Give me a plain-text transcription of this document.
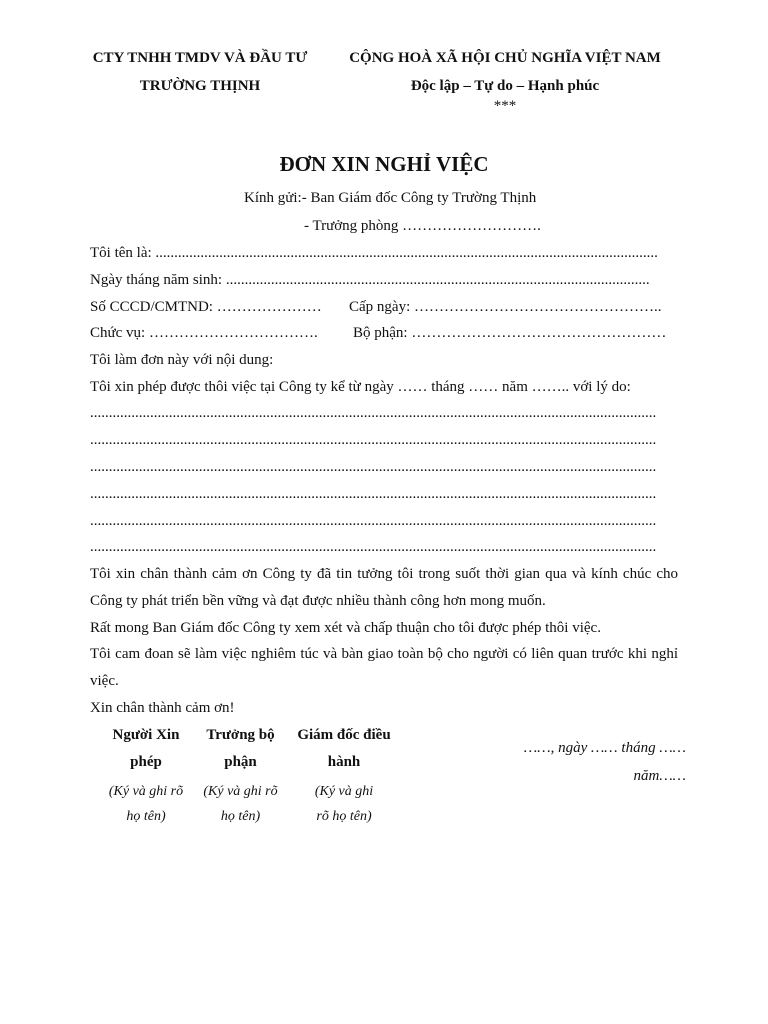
CTY TNHH TMDV VÀ ĐẦU TƯ
TRƯỜNG THỊNH
CỘNG HOÀ XÃ HỘI CHỦ NGHĨA VIỆT NAM
Độc lập – Tự do – Hạnh phúc
***
ĐƠN XIN NGHỈ VIỆC
Kính gửi:- Ban Giám đốc Công ty Trường Thịnh
- Trưởng phòng ……………………….
Tôi tên là: ......................................................................................................................................
Ngày tháng năm sinh: .................................................................................................................
Số CCCD/CMTND: ………………… Cấp ngày: …………………………………………..
Chức vụ: ……………………………. Bộ phận: ……………………………………………
Tôi làm đơn này với nội dung:
Tôi xin phép được thôi việc tại Công ty kể từ ngày …… tháng …… năm …….. với lý do:
.......................................................................................................................................................
.......................................................................................................................................................
.......................................................................................................................................................
.......................................................................................................................................................
.......................................................................................................................................................
.......................................................................................................................................................
Tôi xin chân thành cảm ơn Công ty đã tin tưởng tôi trong suốt thời gian qua và kính chúc cho Công ty phát triển bền vững và đạt được nhiều thành công hơn mong muốn.
Rất mong Ban Giám đốc Công ty xem xét và chấp thuận cho tôi được phép thôi việc.
Tôi cam đoan sẽ làm việc nghiêm túc và bàn giao toàn bộ cho người có liên quan trước khi nghỉ việc.
Xin chân thành cảm ơn!
Người Xin phép
(Ký và ghi rõ họ tên)
Trưởng bộ phận
(Ký và ghi rõ họ tên)
Giám đốc điều hành
(Ký và ghi rõ họ tên)
……, ngày …… tháng …… năm……
